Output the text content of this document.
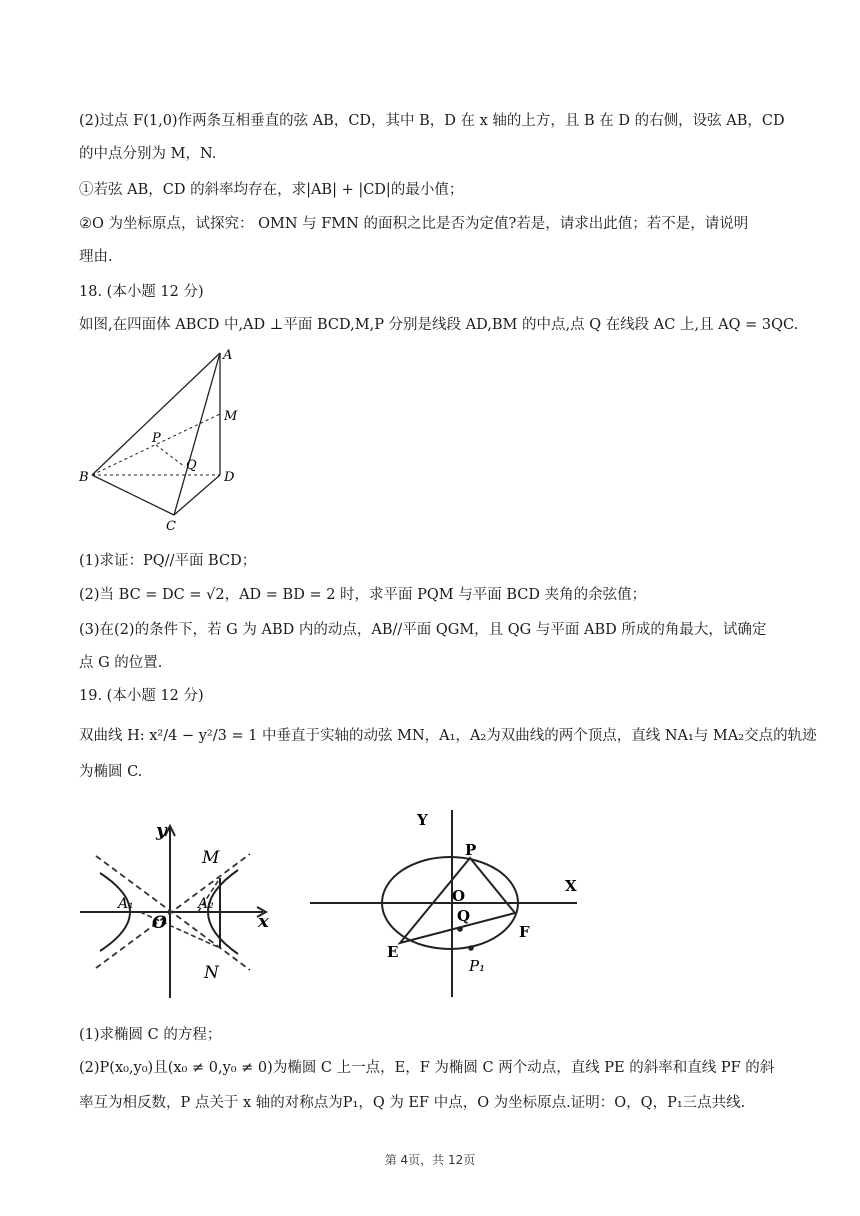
(2)过点 F(1,0)作两条互相垂直的弦 AB，CD，其中 B，D 在 x 轴的上方，且 B 在 D 的右侧，设弦 AB，CD
的中点分别为 M，N.
①若弦 AB，CD 的斜率均存在，求|AB| + |CD|的最小值；
②O 为坐标原点，试探究： OMN 与 FMN 的面积之比是否为定值?若是，请求出此值；若不是，请说明
理由.
18. (本小题 12 分)
如图,在四面体 ABCD 中,AD ⊥平面 BCD,M,P 分别是线段 AD,BM 的中点,点 Q 在线段 AC 上,且 AQ = 3QC.
A
M
P
Q
B	D
C
(1)求证：PQ//平面 BCD；
(2)当 BC = DC = √2，AD = BD = 2 时，求平面 PQM 与平面 BCD 夹角的余弦值；
(3)在(2)的条件下，若 G 为 ABD 内的动点，AB//平面 QGM，且 QG 与平面 ABD 所成的角最大，试确定
点 G 的位置.
19. (本小题 12 分)
双曲线 H: x²/4 − y²/3 = 1 中垂直于实轴的动弦 MN，A₁，A₂为双曲线的两个顶点，直线 NA₁与 MA₂交点的轨迹
为椭圆 C.
y
x
O
M
N
A₁	A₂
Y
X
O
P
Q
E
F
P₁
(1)求椭圆 C 的方程；
(2)P(x₀,y₀)且(x₀ ≠ 0,y₀ ≠ 0)为椭圆 C 上一点，E，F 为椭圆 C 两个动点，直线 PE 的斜率和直线 PF 的斜
率互为相反数，P 点关于 x 轴的对称点为P₁，Q 为 EF 中点，O 为坐标原点.证明：O，Q，P₁三点共线.
第 4页，共 12页
